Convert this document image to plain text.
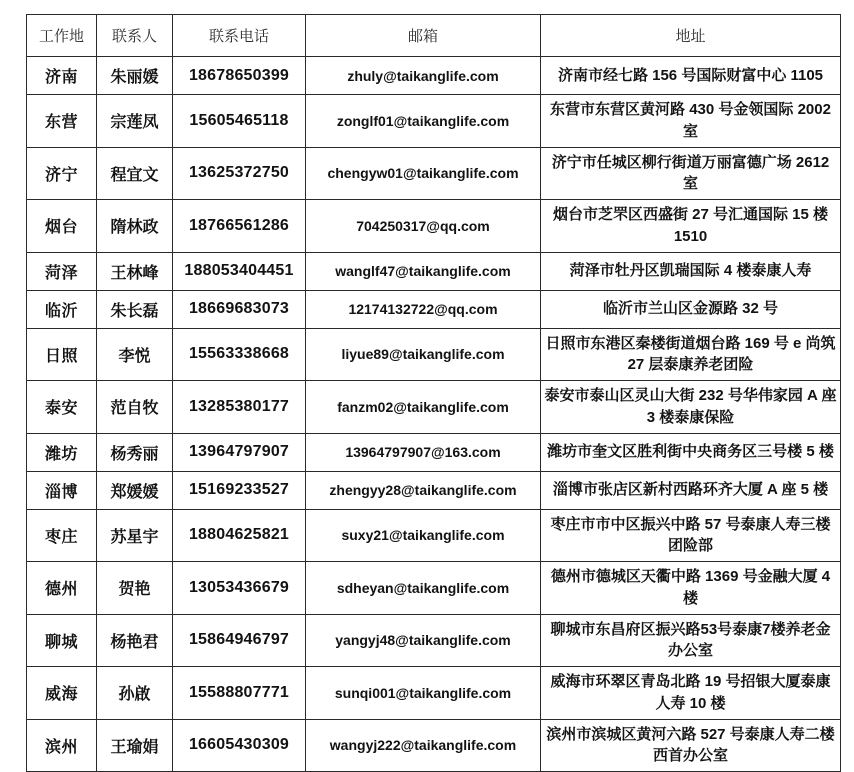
工作地	联系人	联系电话	邮箱	地址
济南	朱丽媛	18678650399	zhuly@taikanglife.com	济南市经七路 156 号国际财富中心 1105
东营	宗莲凤	15605465118	zonglf01@taikanglife.com	东营市东营区黄河路 430 号金领国际 2002 室
济宁	程宜文	13625372750	chengyw01@taikanglife.com	济宁市任城区柳行街道万丽富德广场 2612 室
烟台	隋林政	18766561286	704250317@qq.com	烟台市芝罘区西盛街 27 号汇通国际 15 楼 1510
菏泽	王林峰	188053404451	wanglf47@taikanglife.com	菏泽市牡丹区凯瑞国际 4 楼泰康人寿
临沂	朱长磊	18669683073	12174132722@qq.com	临沂市兰山区金源路 32 号
日照	李悦	15563338668	liyue89@taikanglife.com	日照市东港区秦楼街道烟台路 169 号 e 尚筑 27 层泰康养老团险
泰安	范自牧	13285380177	fanzm02@taikanglife.com	泰安市泰山区灵山大街 232 号华伟家园 A 座 3 楼泰康保险
潍坊	杨秀丽	13964797907	13964797907@163.com	潍坊市奎文区胜利街中央商务区三号楼 5 楼
淄博	郑媛媛	15169233527	zhengyy28@taikanglife.com	淄博市张店区新村西路环齐大厦 A 座 5 楼
枣庄	苏星宇	18804625821	suxy21@taikanglife.com	枣庄市市中区振兴中路 57 号泰康人寿三楼团险部
德州	贺艳	13053436679	sdheyan@taikanglife.com	德州市德城区天衢中路 1369 号金融大厦 4 楼
聊城	杨艳君	15864946797	yangyj48@taikanglife.com	聊城市东昌府区振兴路53号泰康7楼养老金办公室
威海	孙啟	15588807771	sunqi001@taikanglife.com	威海市环翠区青岛北路 19 号招银大厦泰康人寿 10 楼
滨州	王瑜娟	16605430309	wangyj222@taikanglife.com	滨州市滨城区黄河六路 527 号泰康人寿二楼西首办公室
